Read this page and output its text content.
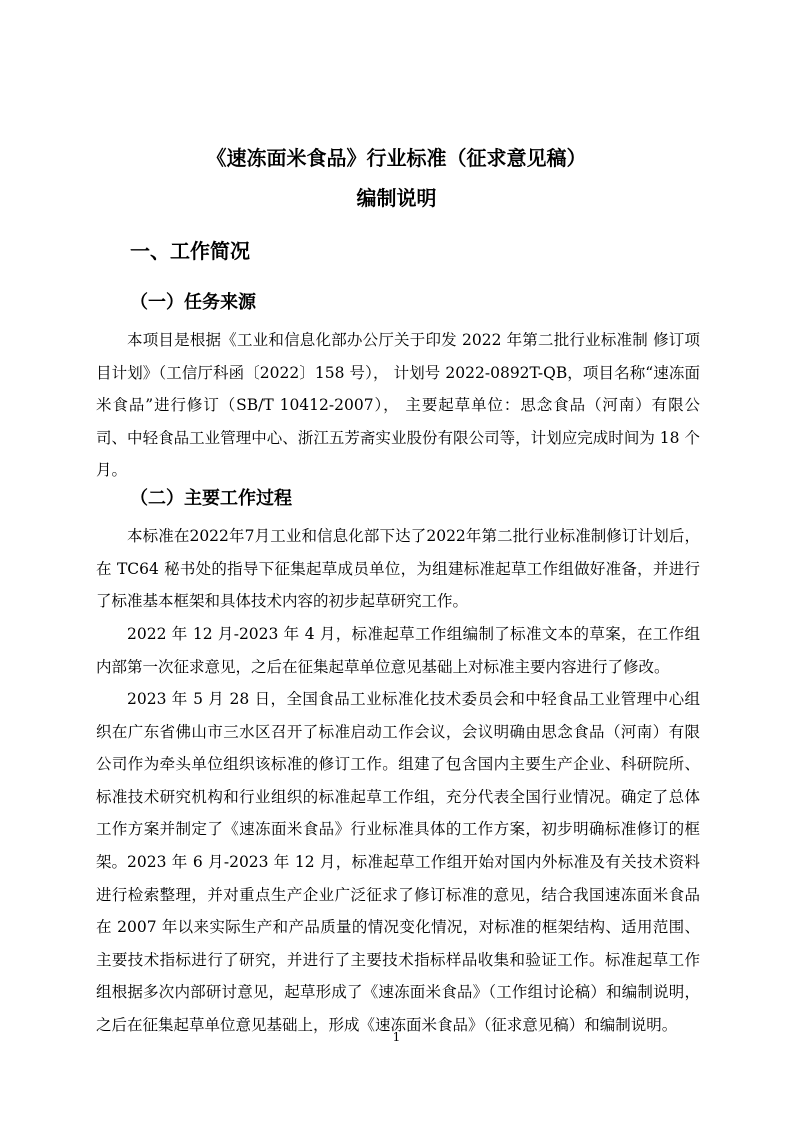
《速冻面米食品》行业标准（征求意见稿）
编制说明
一、工作简况
（一）任务来源

本项目是根据《工业和信息化部办公厅关于印发 2022 年第二批行业标准制 修订项目计划》（工信厅科函〔2022〕158 号）， 计划号 2022-0892T-QB，项目名称“速冻面米食品”进行修订（SB/T 10412-2007）， 主要起草单位：思念食品（河南）有限公司、中轻食品工业管理中心、浙江五芳斋实业股份有限公司等，计划应完成时间为 18 个月。

（二）主要工作过程

本标准在2022年7月工业和信息化部下达了2022年第二批行业标准制修订计划后，在 TC64 秘书处的指导下征集起草成员单位，为组建标准起草工作组做好准备，并进行了标准基本框架和具体技术内容的初步起草研究工作。

2022 年 12 月-2023 年 4 月，标准起草工作组编制了标准文本的草案，在工作组内部第一次征求意见，之后在征集起草单位意见基础上对标准主要内容进行了修改。

2023 年 5 月 28 日，全国食品工业标准化技术委员会和中轻食品工业管理中心组织在广东省佛山市三水区召开了标准启动工作会议，会议明确由思念食品（河南）有限公司作为牵头单位组织该标准的修订工作。组建了包含国内主要生产企业、科研院所、标准技术研究机构和行业组织的标准起草工作组，充分代表全国行业情况。确定了总体工作方案并制定了《速冻面米食品》行业标准具体的工作方案，初步明确标准修订的框架。 2023 年 6 月-2023 年 12 月，标准起草工作组开始对国内外标准及有关技术资料进行检索整理，并对重点生产企业广泛征求了修订标准的意见，结合我国速冻面米食品在 2007 年以来实际生产和产品质量的情况变化情况，对标准的框架结构、适用范围、主要技术指标进行了研究，并进行了主要技术指标样品收集和验证工作。标准起草工作组根据多次内部研讨意见，起草形成了《速冻面米食品》（工作组讨论稿）和编制说明，之后在征集起草单位意见基础上，形成《速冻面米食品》（征求意见稿）和编制说明。

1
